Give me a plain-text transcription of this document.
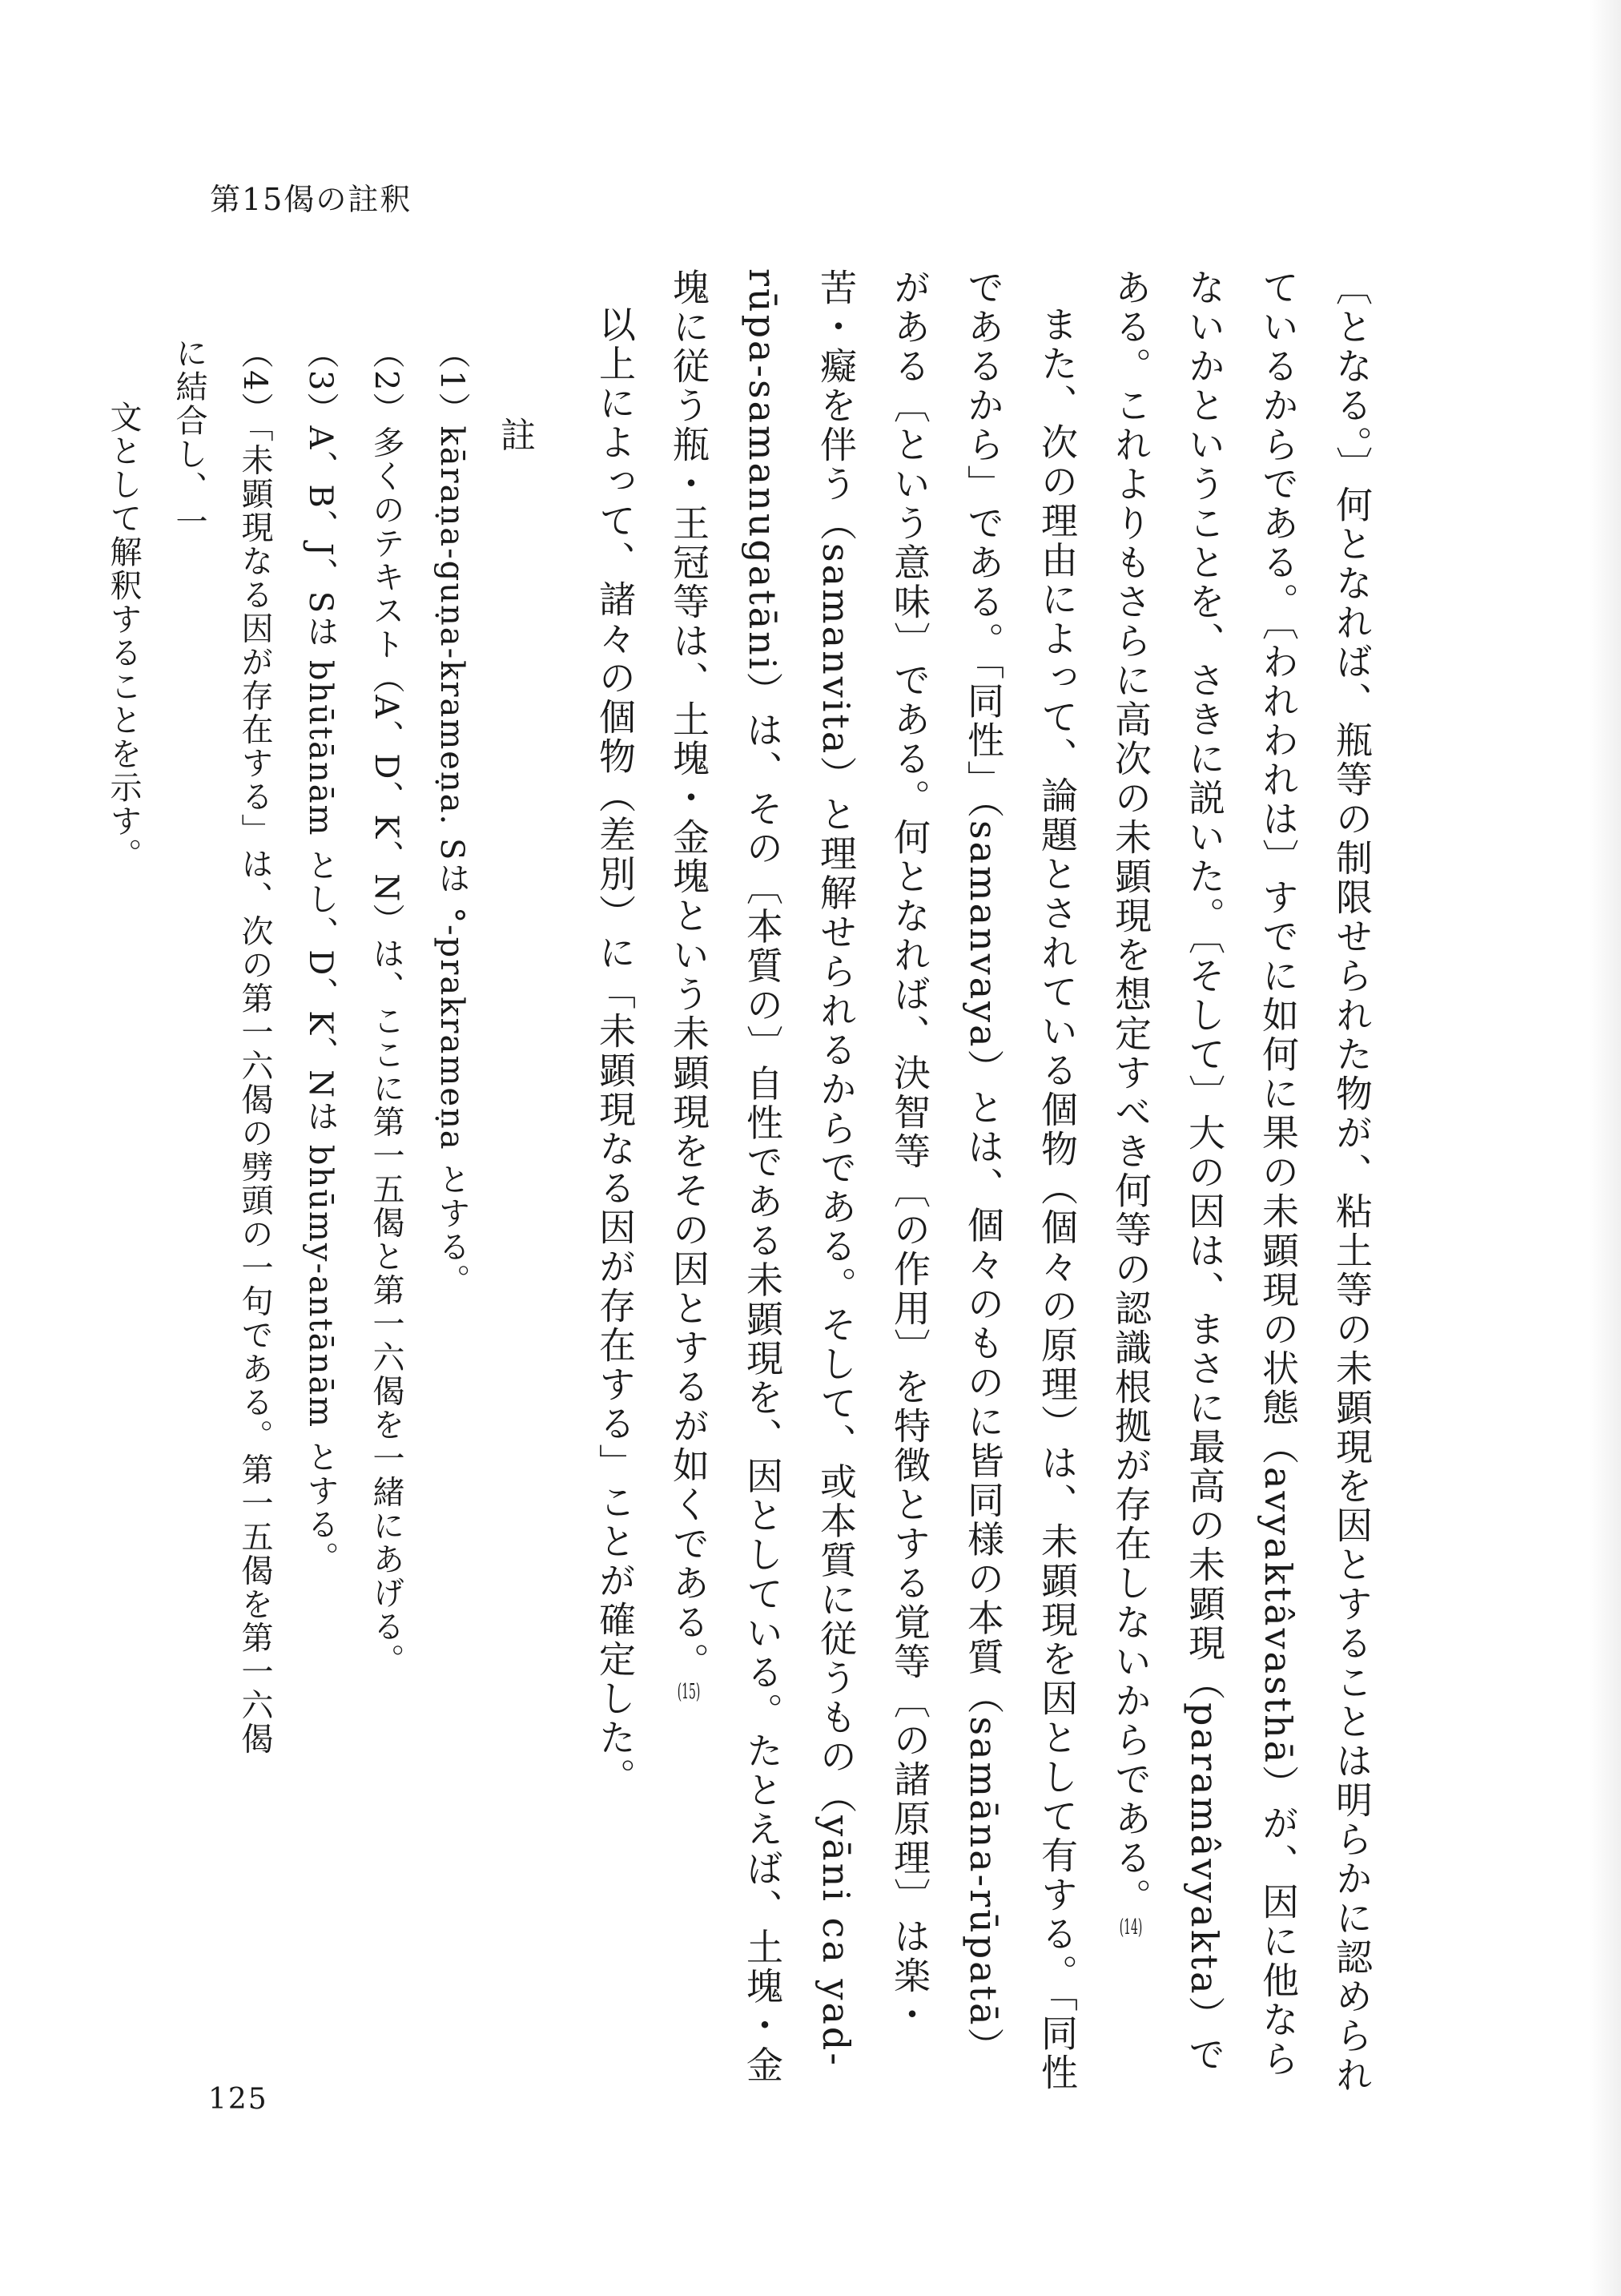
第15偈の註釈

〔となる。〕何となれば、瓶等の制限せられた物が、粘土等の未顕現を因とすることは明らかに認められているからである。〔われわれは〕すでに如何に果の未顕現の状態（avyaktâvasthā）が、因に他ならないかということを、さきに説いた。〔そして〕大の因は、まさに最高の未顕現（paramâvyakta）である。これよりもさらに高次の未顕現を想定すべき何等の認識根拠が存在しないからである。(14)

また、次の理由によって、論題とされている個物（個々の原理）は、未顕現を因として有する。「同性であるから」である。「同性」（samanvaya）とは、個々のものに皆同様の本質（samāna-rūpatā）がある〔という意味〕である。何となれば、決智等〔の作用〕を特徴とする覚等〔の諸原理〕は楽・苦・癡を伴う（samanvita）と理解せられるからである。そして、或本質に従うもの（yāni ca yad-rūpa-samanugatāni）は、その〔本質の〕自性である未顕現を、因としている。たとえば、土塊・金塊に従う瓶・王冠等は、土塊・金塊という未顕現をその因とするが如くである。(15)

以上によって、諸々の個物（差別）に「未顕現なる因が存在する」ことが確定した。

註

（1）kāraṇa-guṇa-krameṇa. Sは °-prakrameṇa とする。

（2）多くのテキスト（A、D、K、N）は、ここに第一五偈と第一六偈を一緒にあげる。

（3）A、B、J、Sは bhūtānām とし、D、K、Nは bhūmy-antānām とする。

（4）「未顕現なる因が存在する」は、次の第一六偈の劈頭の一句である。第一五偈を第一六偈に結合し、一

文として解釈することを示す。

125
